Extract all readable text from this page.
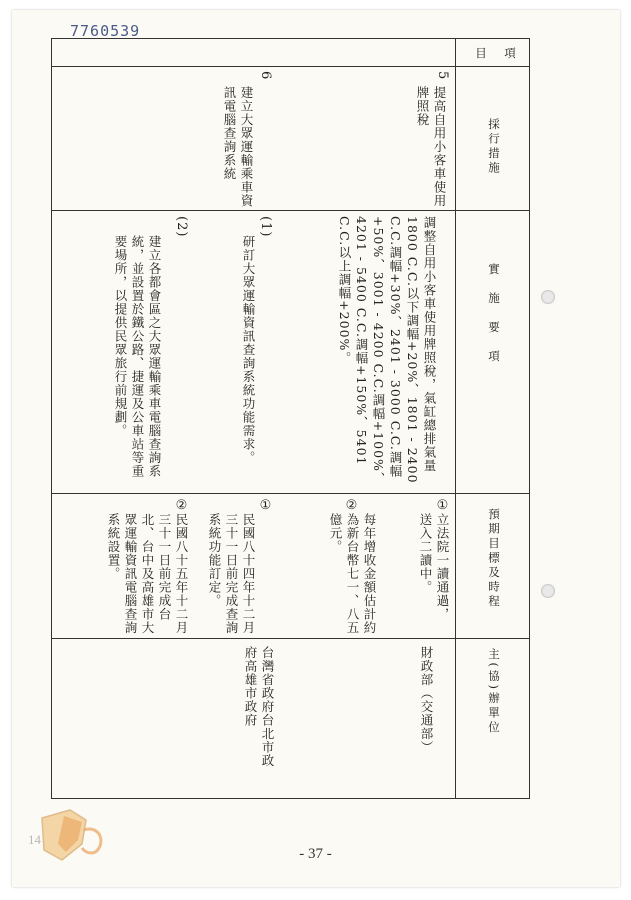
7760539
目　項
採行措施
實　施　要　項
預期目標及時程
主(協)辦單位
5
提高自用小客車使用牌照稅
調整自用小客車使用牌照稅，氣缸總排氣量1800 C.C.以下調幅+20%、1801 - 2400 C.C.調幅+30%、2401 - 3000 C.C.調幅+50%、3001 - 4200 C.C.調幅+100%、4201 - 5400 C.C.調幅+150%、5401 C.C.以上調幅+200%。
①
立法院一讀通過，送入二讀中。
②
每年增收金額估計約為新台幣七一、八五億元。
財政部（交通部）
6
建立大眾運輸乘車資訊電腦查詢系統
(1)
研訂大眾運輸資訊查詢系統功能需求。
(2)
建立各都會區之大眾運輸乘車電腦查詢系統，並設置於鐵公路、捷運及公車站等重要場所，以提供民眾旅行前規劃。
①
民國八十四年十二月三十一日前完成查詢系統功能訂定。
②
民國八十五年十二月三十一日前完成台北、台中及高雄市大眾運輸資訊電腦查詢系統設置。
台灣省政府台北市政府高雄市政府
14
- 37 -
